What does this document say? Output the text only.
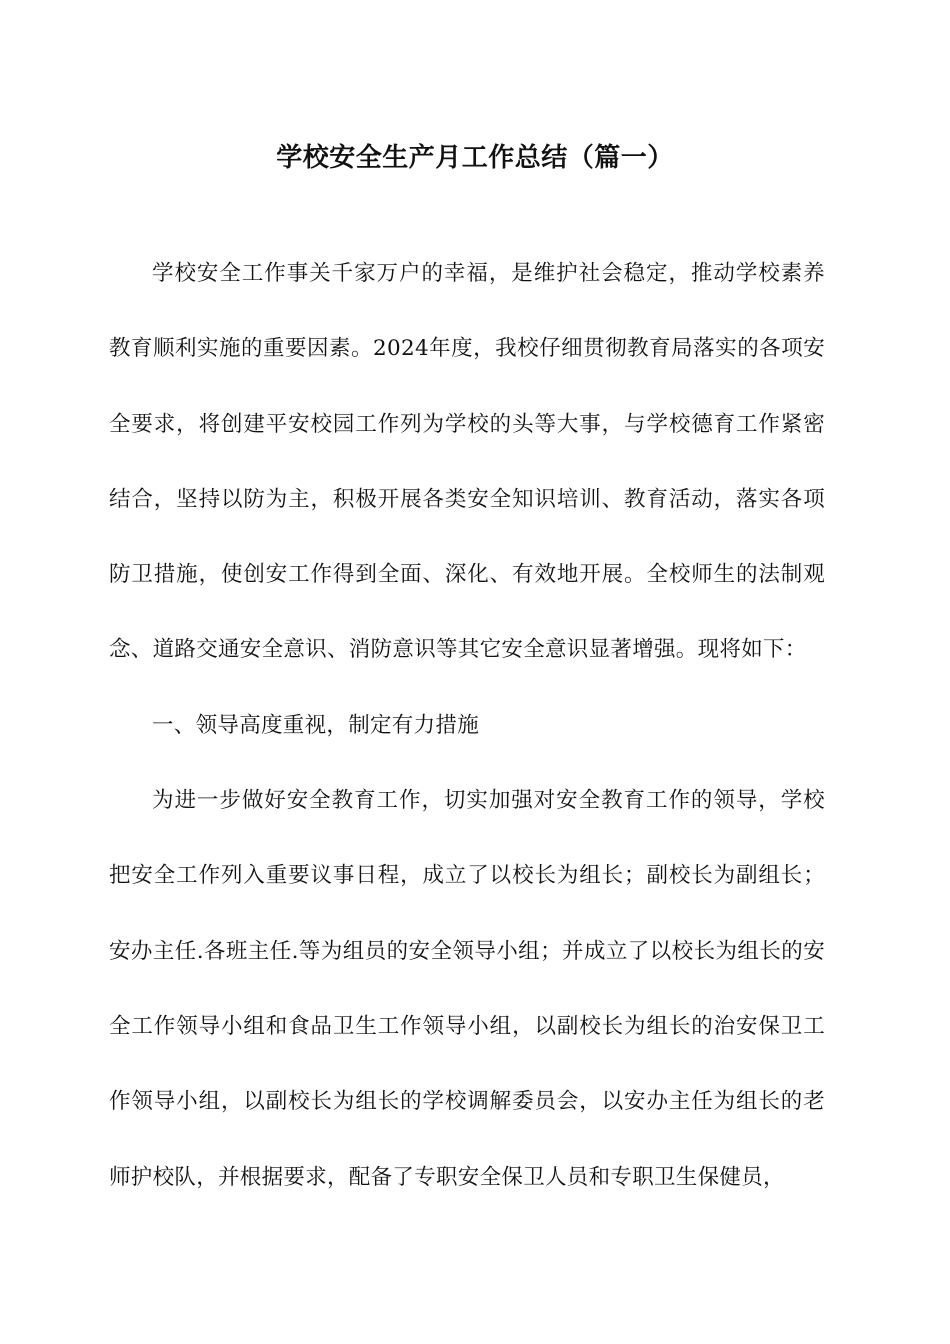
学校安全生产月工作总结（篇一）

学校安全工作事关千家万户的幸福，是维护社会稳定，推动学校素养教育顺利实施的重要因素。2024年度，我校仔细贯彻教育局落实的各项安全要求，将创建平安校园工作列为学校的头等大事，与学校德育工作紧密结合，坚持以防为主，积极开展各类安全知识培训、教育活动，落实各项防卫措施，使创安工作得到全面、深化、有效地开展。全校师生的法制观念、道路交通安全意识、消防意识等其它安全意识显著增强。现将如下：

一、领导高度重视，制定有力措施

为进一步做好安全教育工作，切实加强对安全教育工作的领导，学校把安全工作列入重要议事日程，成立了以校长为组长；副校长为副组长；安办主任.各班主任.等为组员的安全领导小组；并成立了以校长为组长的安全工作领导小组和食品卫生工作领导小组，以副校长为组长的治安保卫工作领导小组，以副校长为组长的学校调解委员会，以安办主任为组长的老师护校队，并根据要求，配备了专职安全保卫人员和专职卫生保健员，
